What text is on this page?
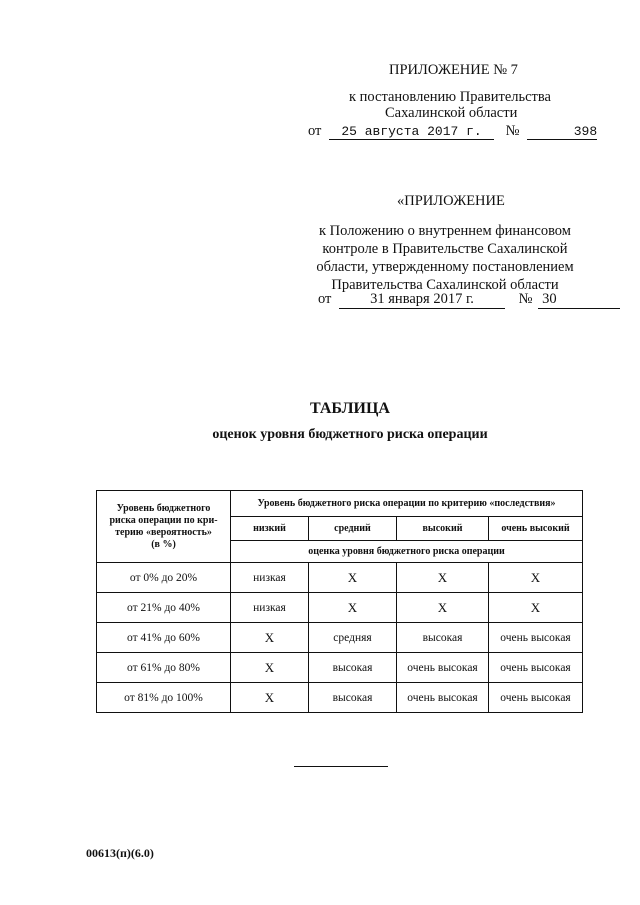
ПРИЛОЖЕНИЕ № 7
к постановлению Правительства
Сахалинской области
от 25 августа 2017 г. №	398
«ПРИЛОЖЕНИЕ
к Положению о внутреннем финансовом
контроле в Правительстве Сахалинской
области, утвержденному постановлением
Правительства Сахалинской области
от	31 января 2017 г.	№ 30
ТАБЛИЦА
оценок уровня бюджетного риска операции
Уровень бюджетного
риска операции по кри-
терию «вероятность»
(в %)	Уровень бюджетного риска операции по критерию «последствия»			
	низкий	средний	высокий	очень высокий
	оценка уровня бюджетного риска операции			
от 0% до 20%	низкая	Х	Х	Х
от 21% до 40%	низкая	Х	Х	Х
от 41% до 60%	Х	средняя	высокая	очень высокая
от 61% до 80%	Х	высокая	очень высокая	очень высокая
от 81% до 100%	Х	высокая	очень высокая	очень высокая
00613(п)(6.0)
